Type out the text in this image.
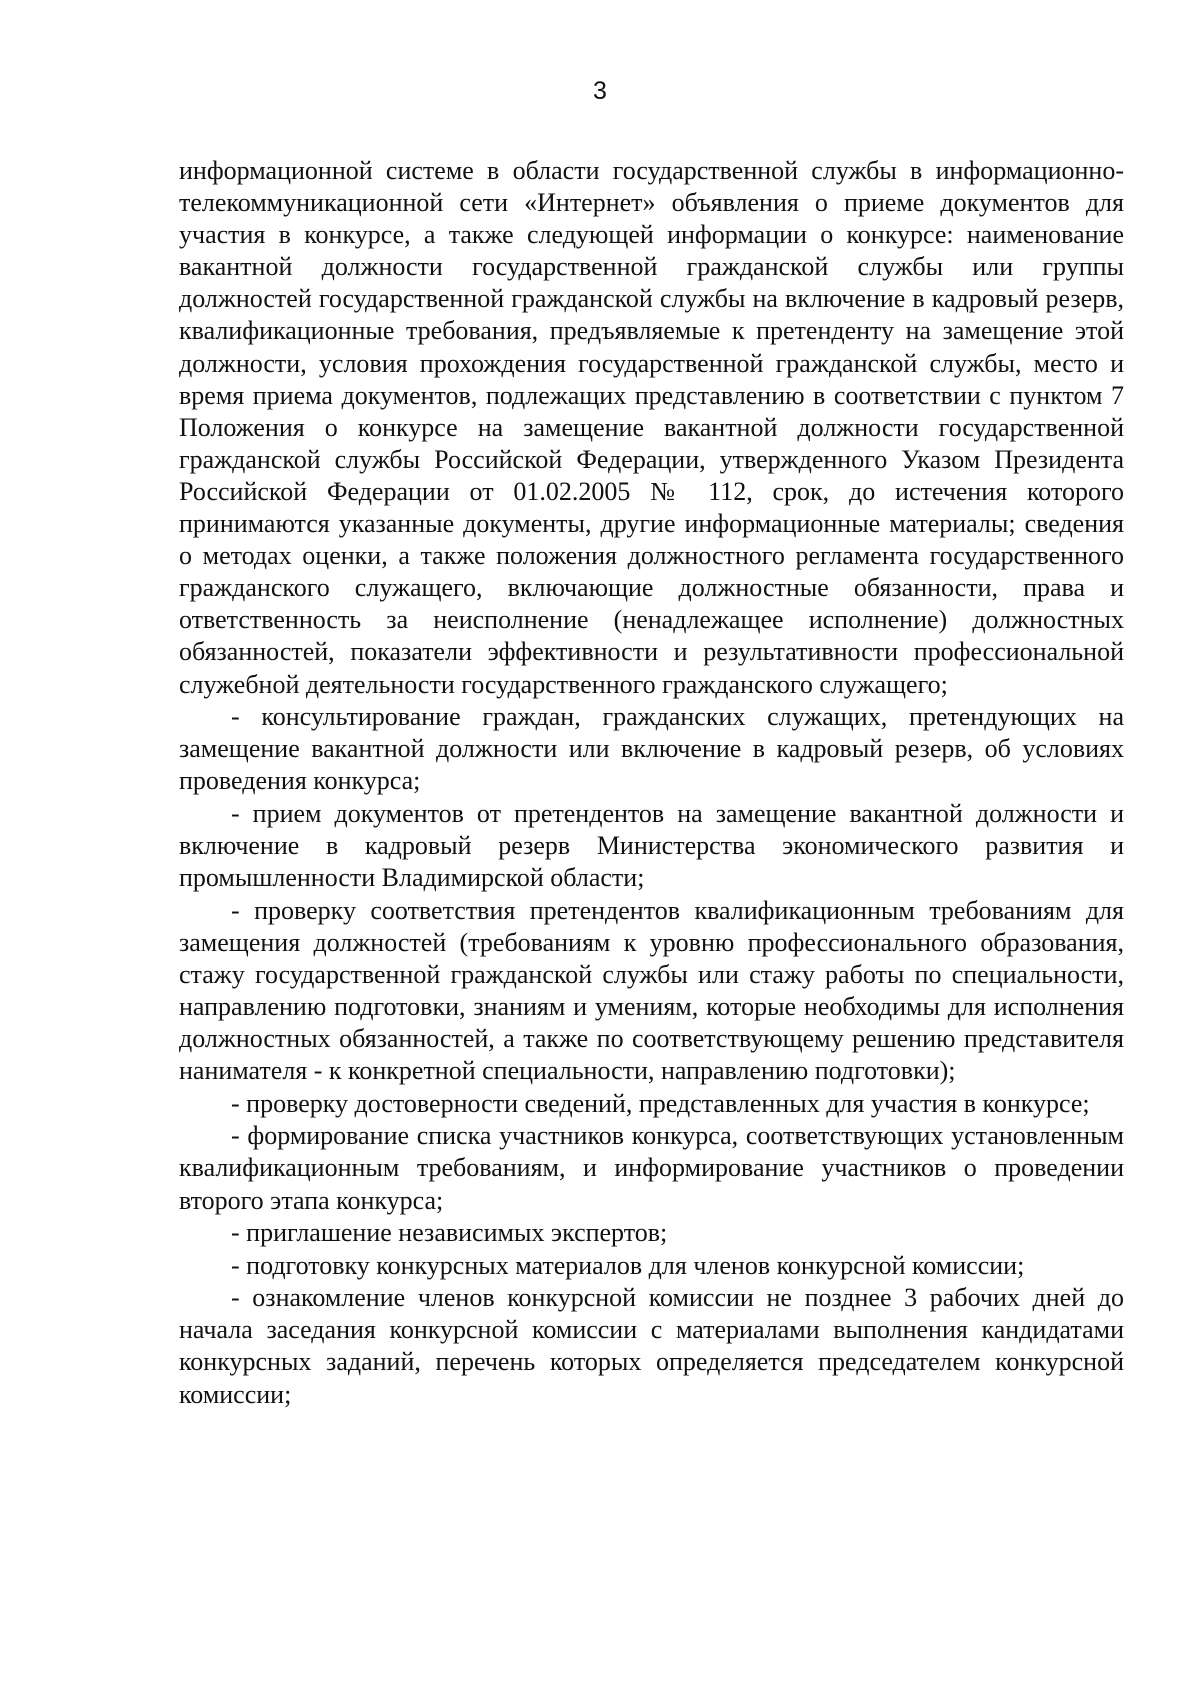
3

информационной системе в области государственной службы в информационно-телекоммуникационной сети «Интернет» объявления о приеме документов для участия в конкурсе, а также следующей информации о конкурсе: наименование вакантной должности государственной гражданской службы или группы должностей государственной гражданской службы на включение в кадровый резерв, квалификационные требования, предъявляемые к претенденту на замещение этой должности, условия прохождения государственной гражданской службы, место и время приема документов, подлежащих представлению в соответствии с пунктом 7 Положения о конкурсе на замещение вакантной должности государственной гражданской службы Российской Федерации, утвержденного Указом Президента Российской Федерации от 01.02.2005 № 112, срок, до истечения которого принимаются указанные документы, другие информационные материалы; сведения о методах оценки, а также положения должностного регламента государственного гражданского служащего, включающие должностные обязанности, права и ответственность за неисполнение (ненадлежащее исполнение) должностных обязанностей, показатели эффективности и результативности профессиональной служебной деятельности государственного гражданского служащего;

- консультирование граждан, гражданских служащих, претендующих на замещение вакантной должности или включение в кадровый резерв, об условиях проведения конкурса;

- прием документов от претендентов на замещение вакантной должности и включение в кадровый резерв Министерства экономического развития и промышленности Владимирской области;

- проверку соответствия претендентов квалификационным требованиям для замещения должностей (требованиям к уровню профессионального образования, стажу государственной гражданской службы или стажу работы по специальности, направлению подготовки, знаниям и умениям, которые необходимы для исполнения должностных обязанностей, а также по соответствующему решению представителя нанимателя - к конкретной специальности, направлению подготовки);

- проверку достоверности сведений, представленных для участия в конкурсе;

- формирование списка участников конкурса, соответствующих установленным квалификационным требованиям, и информирование участников о проведении второго этапа конкурса;

- приглашение независимых экспертов;

- подготовку конкурсных материалов для членов конкурсной комиссии;

- ознакомление членов конкурсной комиссии не позднее 3 рабочих дней до начала заседания конкурсной комиссии с материалами выполнения кандидатами конкурсных заданий, перечень которых определяется председателем конкурсной комиссии;
